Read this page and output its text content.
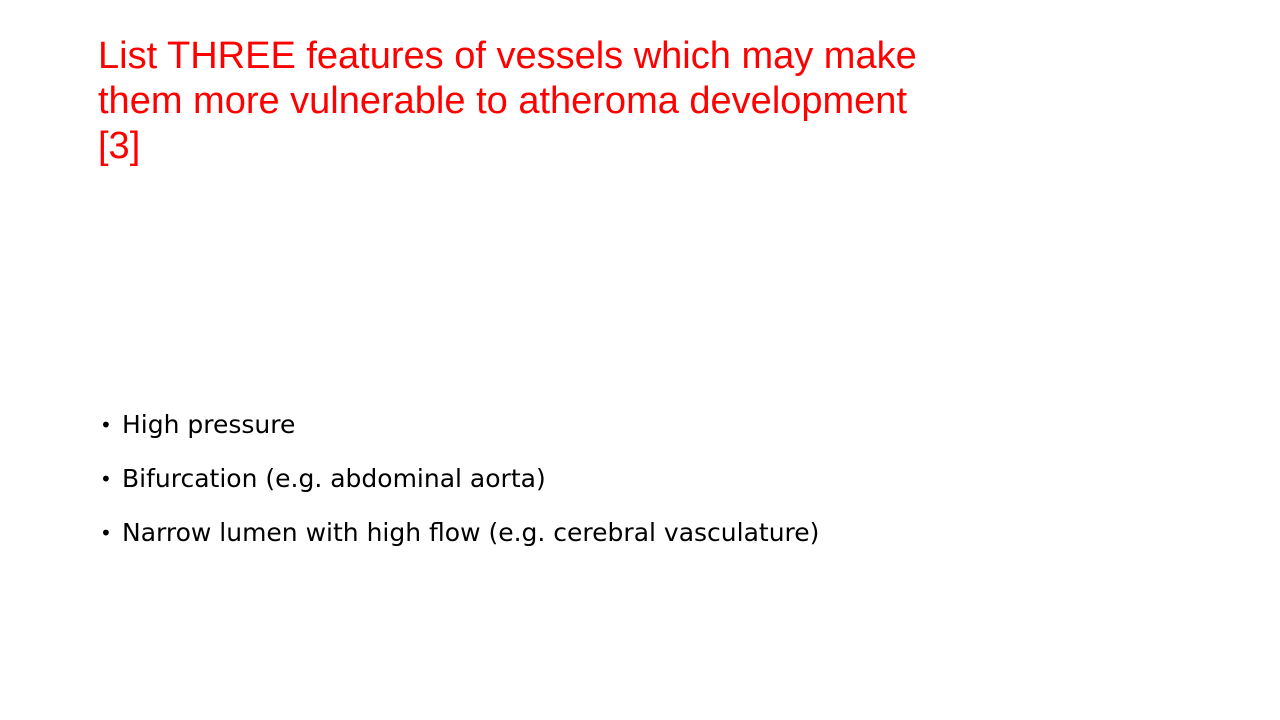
List THREE features of vessels which may make
them more vulnerable to atheroma development
[3]
• High pressure
• Bifurcation (e.g. abdominal aorta)
• Narrow lumen with high flow (e.g. cerebral vasculature)
